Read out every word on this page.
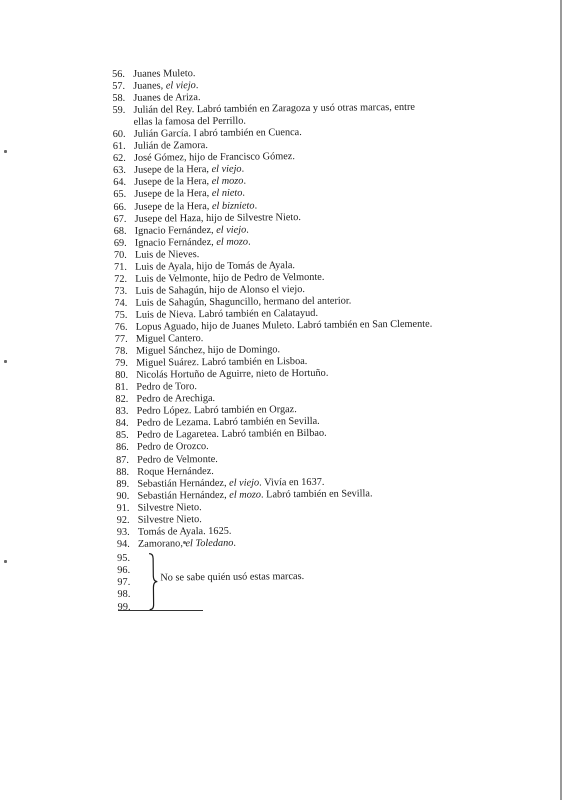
56. Juanes Muleto.
57. Juanes, el viejo.
58. Juanes de Ariza.
59. Julián del Rey. Labró también en Zaragoza y usó otras marcas, entre
ellas la famosa del Perrillo.
60. Julián García. I abró también en Cuenca.
61. Julián de Zamora.
62. José Gómez, hijo de Francisco Gómez.
63. Jusepe de la Hera, el viejo.
64. Jusepe de la Hera, el mozo.
65. Jusepe de la Hera, el nieto.
66. Jusepe de la Hera, el biznieto.
67. Jusepe del Haza, hijo de Silvestre Nieto.
68. Ignacio Fernández, el viejo.
69. Ignacio Fernández, el mozo.
70. Luis de Nieves.
71. Luis de Ayala, hijo de Tomás de Ayala.
72. Luis de Velmonte, hijo de Pedro de Velmonte.
73. Luis de Sahagún, hijo de Alonso el viejo.
74. Luis de Sahagún, Shaguncillo, hermano del anterior.
75. Luis de Nieva. Labró también en Calatayud.
76. Lopus Aguado, hijo de Juanes Muleto. Labró también en San Clemente.
77. Miguel Cantero.
78. Miguel Sánchez, hijo de Domingo.
79. Miguel Suárez. Labró también en Lisboa.
80. Nicolás Hortuño de Aguirre, nieto de Hortuño.
81. Pedro de Toro.
82. Pedro de Arechiga.
83. Pedro López. Labró también en Orgaz.
84. Pedro de Lezama. Labró también en Sevilla.
85. Pedro de Lagaretea. Labró también en Bilbao.
86. Pedro de Orozco.
87. Pedro de Velmonte.
88. Roque Hernández.
89. Sebastián Hernández, el viejo. Vivía en 1637.
90. Sebastián Hernández, el mozo. Labró también en Sevilla.
91. Silvestre Nieto.
92. Silvestre Nieto.
93. Tomás de Ayala. 1625.
94. Zamorano, el Toledano.
95.
96.
97.
98.
99.
No se sabe quién usó estas marcas.
